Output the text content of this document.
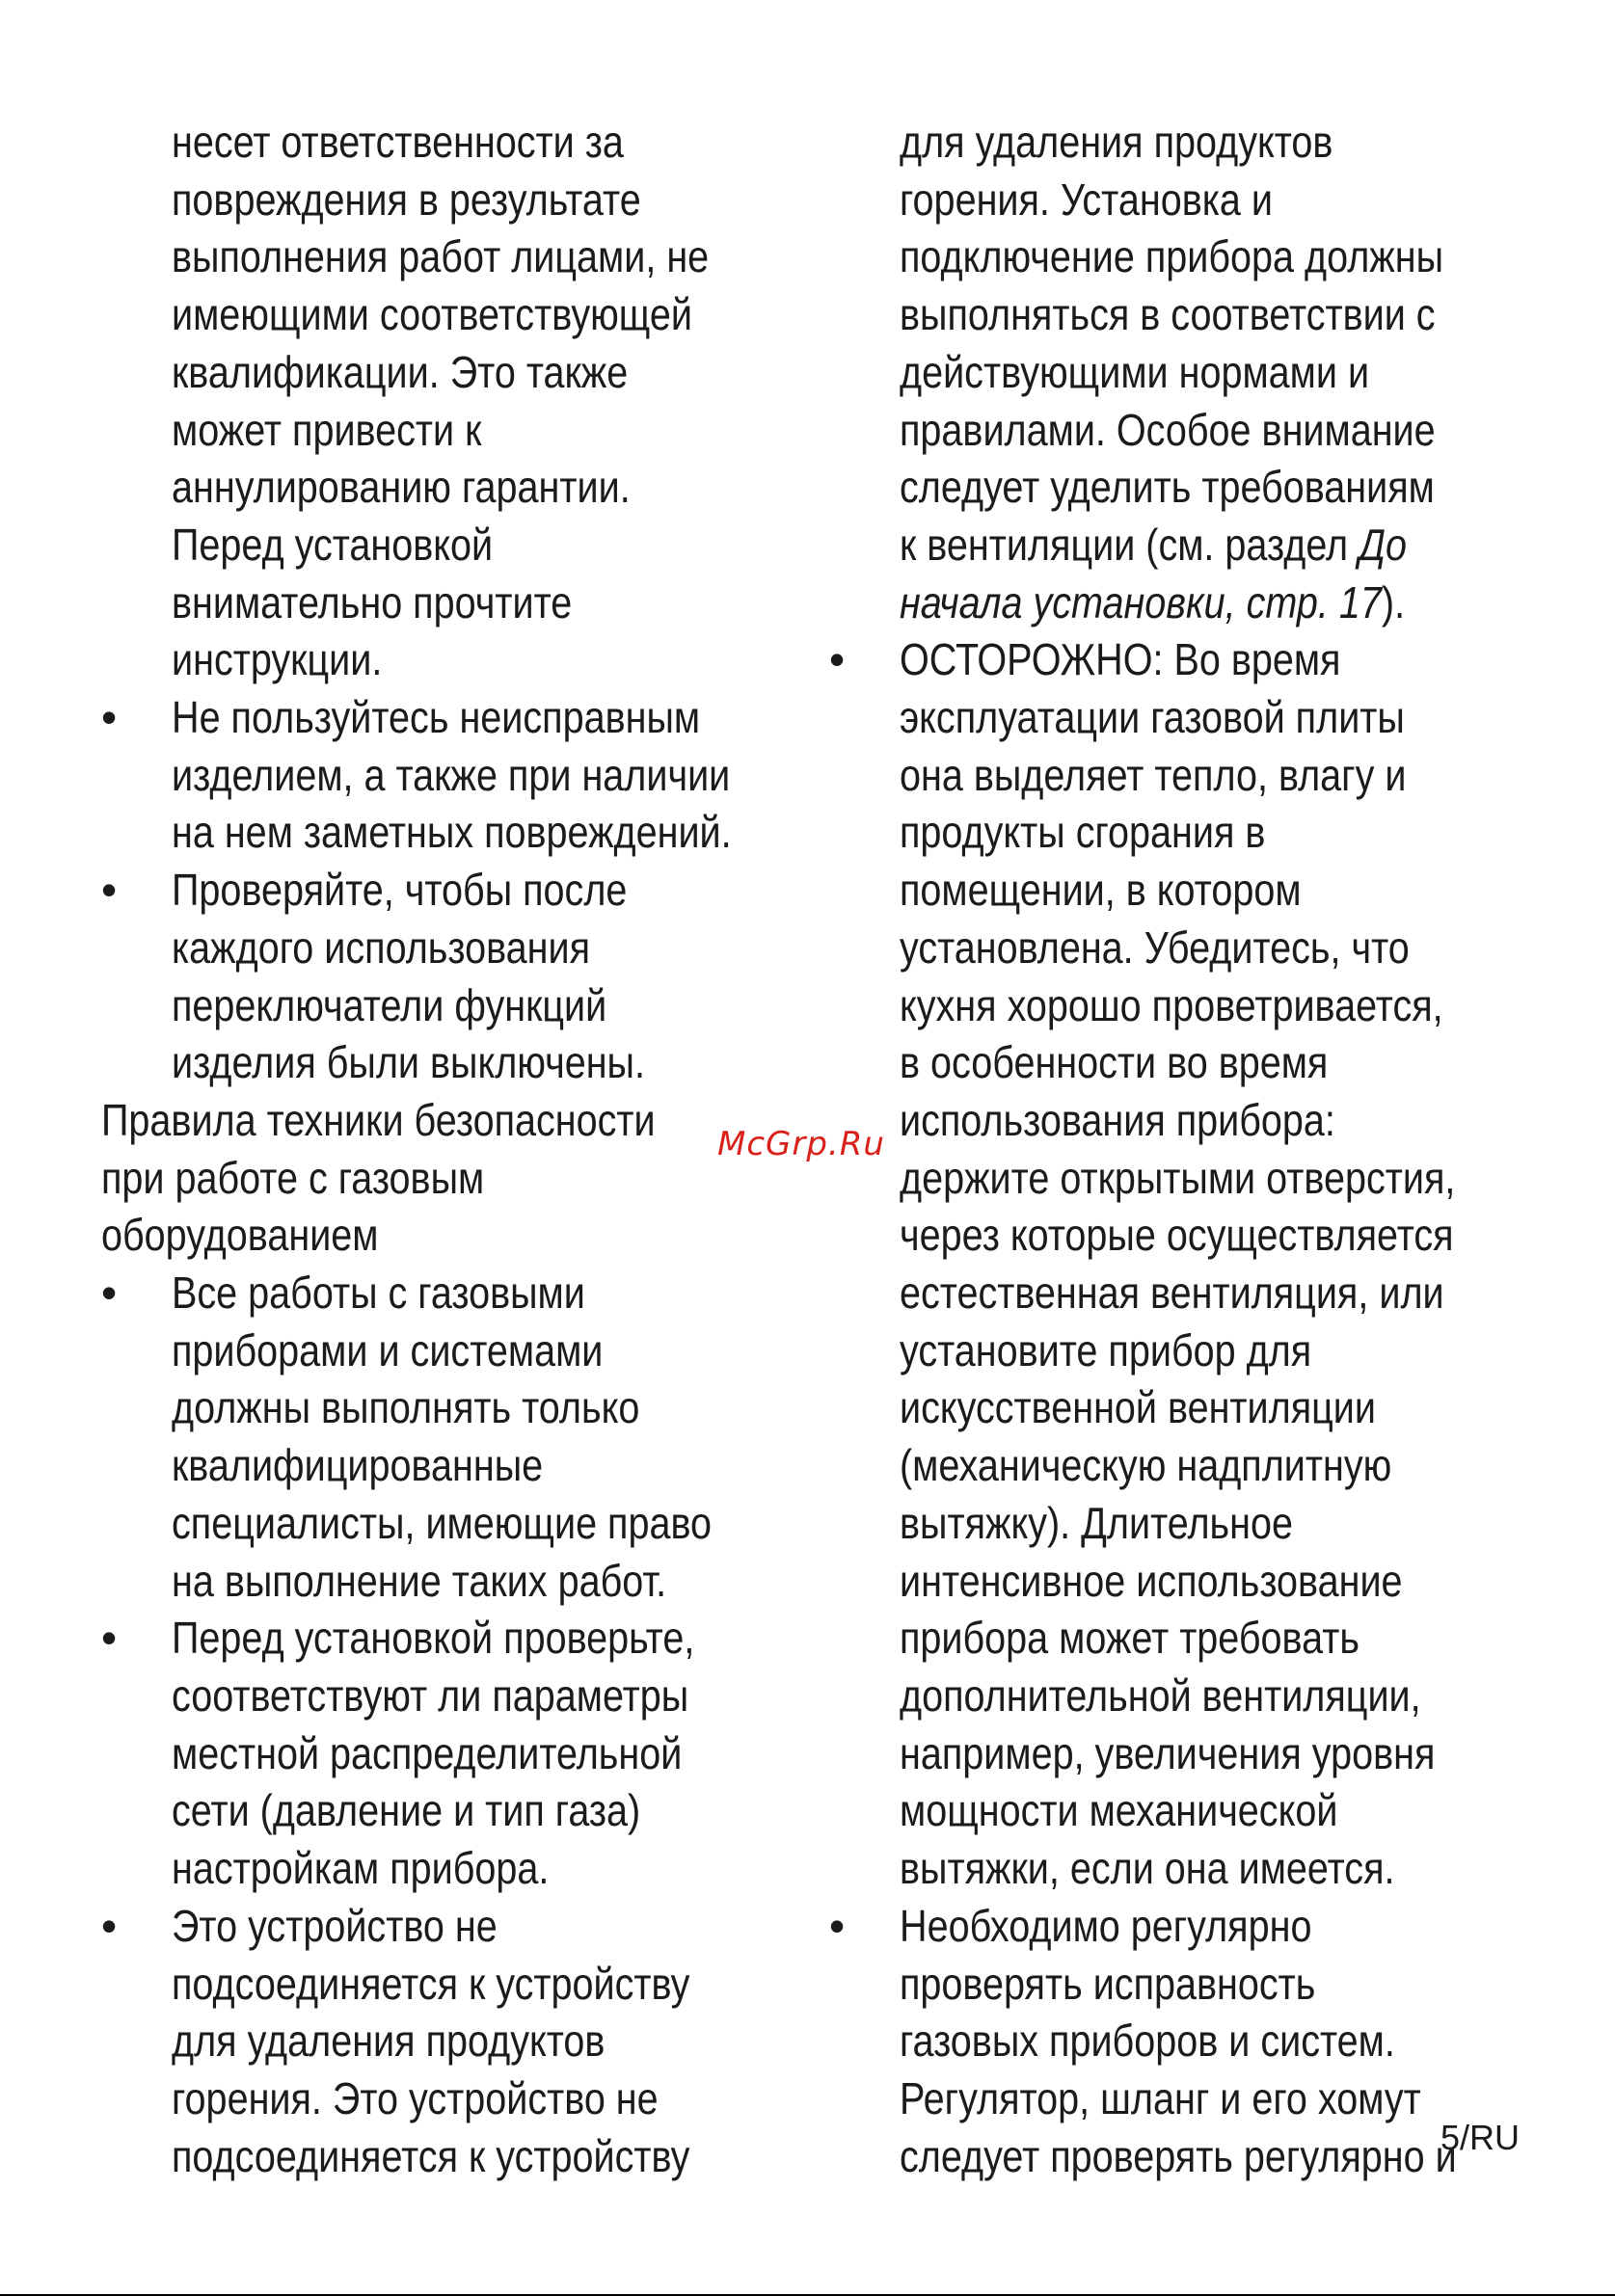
несет ответственности за
повреждения в результате
выполнения работ лицами, не
имеющими соответствующей
квалификации. Это также
может привести к
аннулированию гарантии.
Перед установкой
внимательно прочтите
инструкции.
• Не пользуйтесь неисправным
изделием, а также при наличии
на нем заметных повреждений.
• Проверяйте, чтобы после
каждого использования
переключатели функций
изделия были выключены.
Правила техники безопасности
при работе с газовым
оборудованием
• Все работы с газовыми
приборами и системами
должны выполнять только
квалифицированные
специалисты, имеющие право
на выполнение таких работ.
• Перед установкой проверьте,
соответствуют ли параметры
местной распределительной
сети (давление и тип газа)
настройкам прибора.
• Это устройство не
подсоединяется к устройству
для удаления продуктов
горения. Это устройство не
подсоединяется к устройству
для удаления продуктов
горения. Установка и
подключение прибора должны
выполняться в соответствии с
действующими нормами и
правилами. Особое внимание
следует уделить требованиям
к вентиляции (см. раздел До
начала установки, стр. 17).
• ОСТОРОЖНО: Во время
эксплуатации газовой плиты
она выделяет тепло, влагу и
продукты сгорания в
помещении, в котором
установлена. Убедитесь, что
кухня хорошо проветривается,
в особенности во время
использования прибора:
держите открытыми отверстия,
через которые осуществляется
естественная вентиляция, или
установите прибор для
искусственной вентиляции
(механическую надплитную
вытяжку). Длительное
интенсивное использование
прибора может требовать
дополнительной вентиляции,
например, увеличения уровня
мощности механической
вытяжки, если она имеется.
• Необходимо регулярно
проверять исправность
газовых приборов и систем.
Регулятор, шланг и его хомут
следует проверять регулярно и
McGrp.Ru
5/RU
